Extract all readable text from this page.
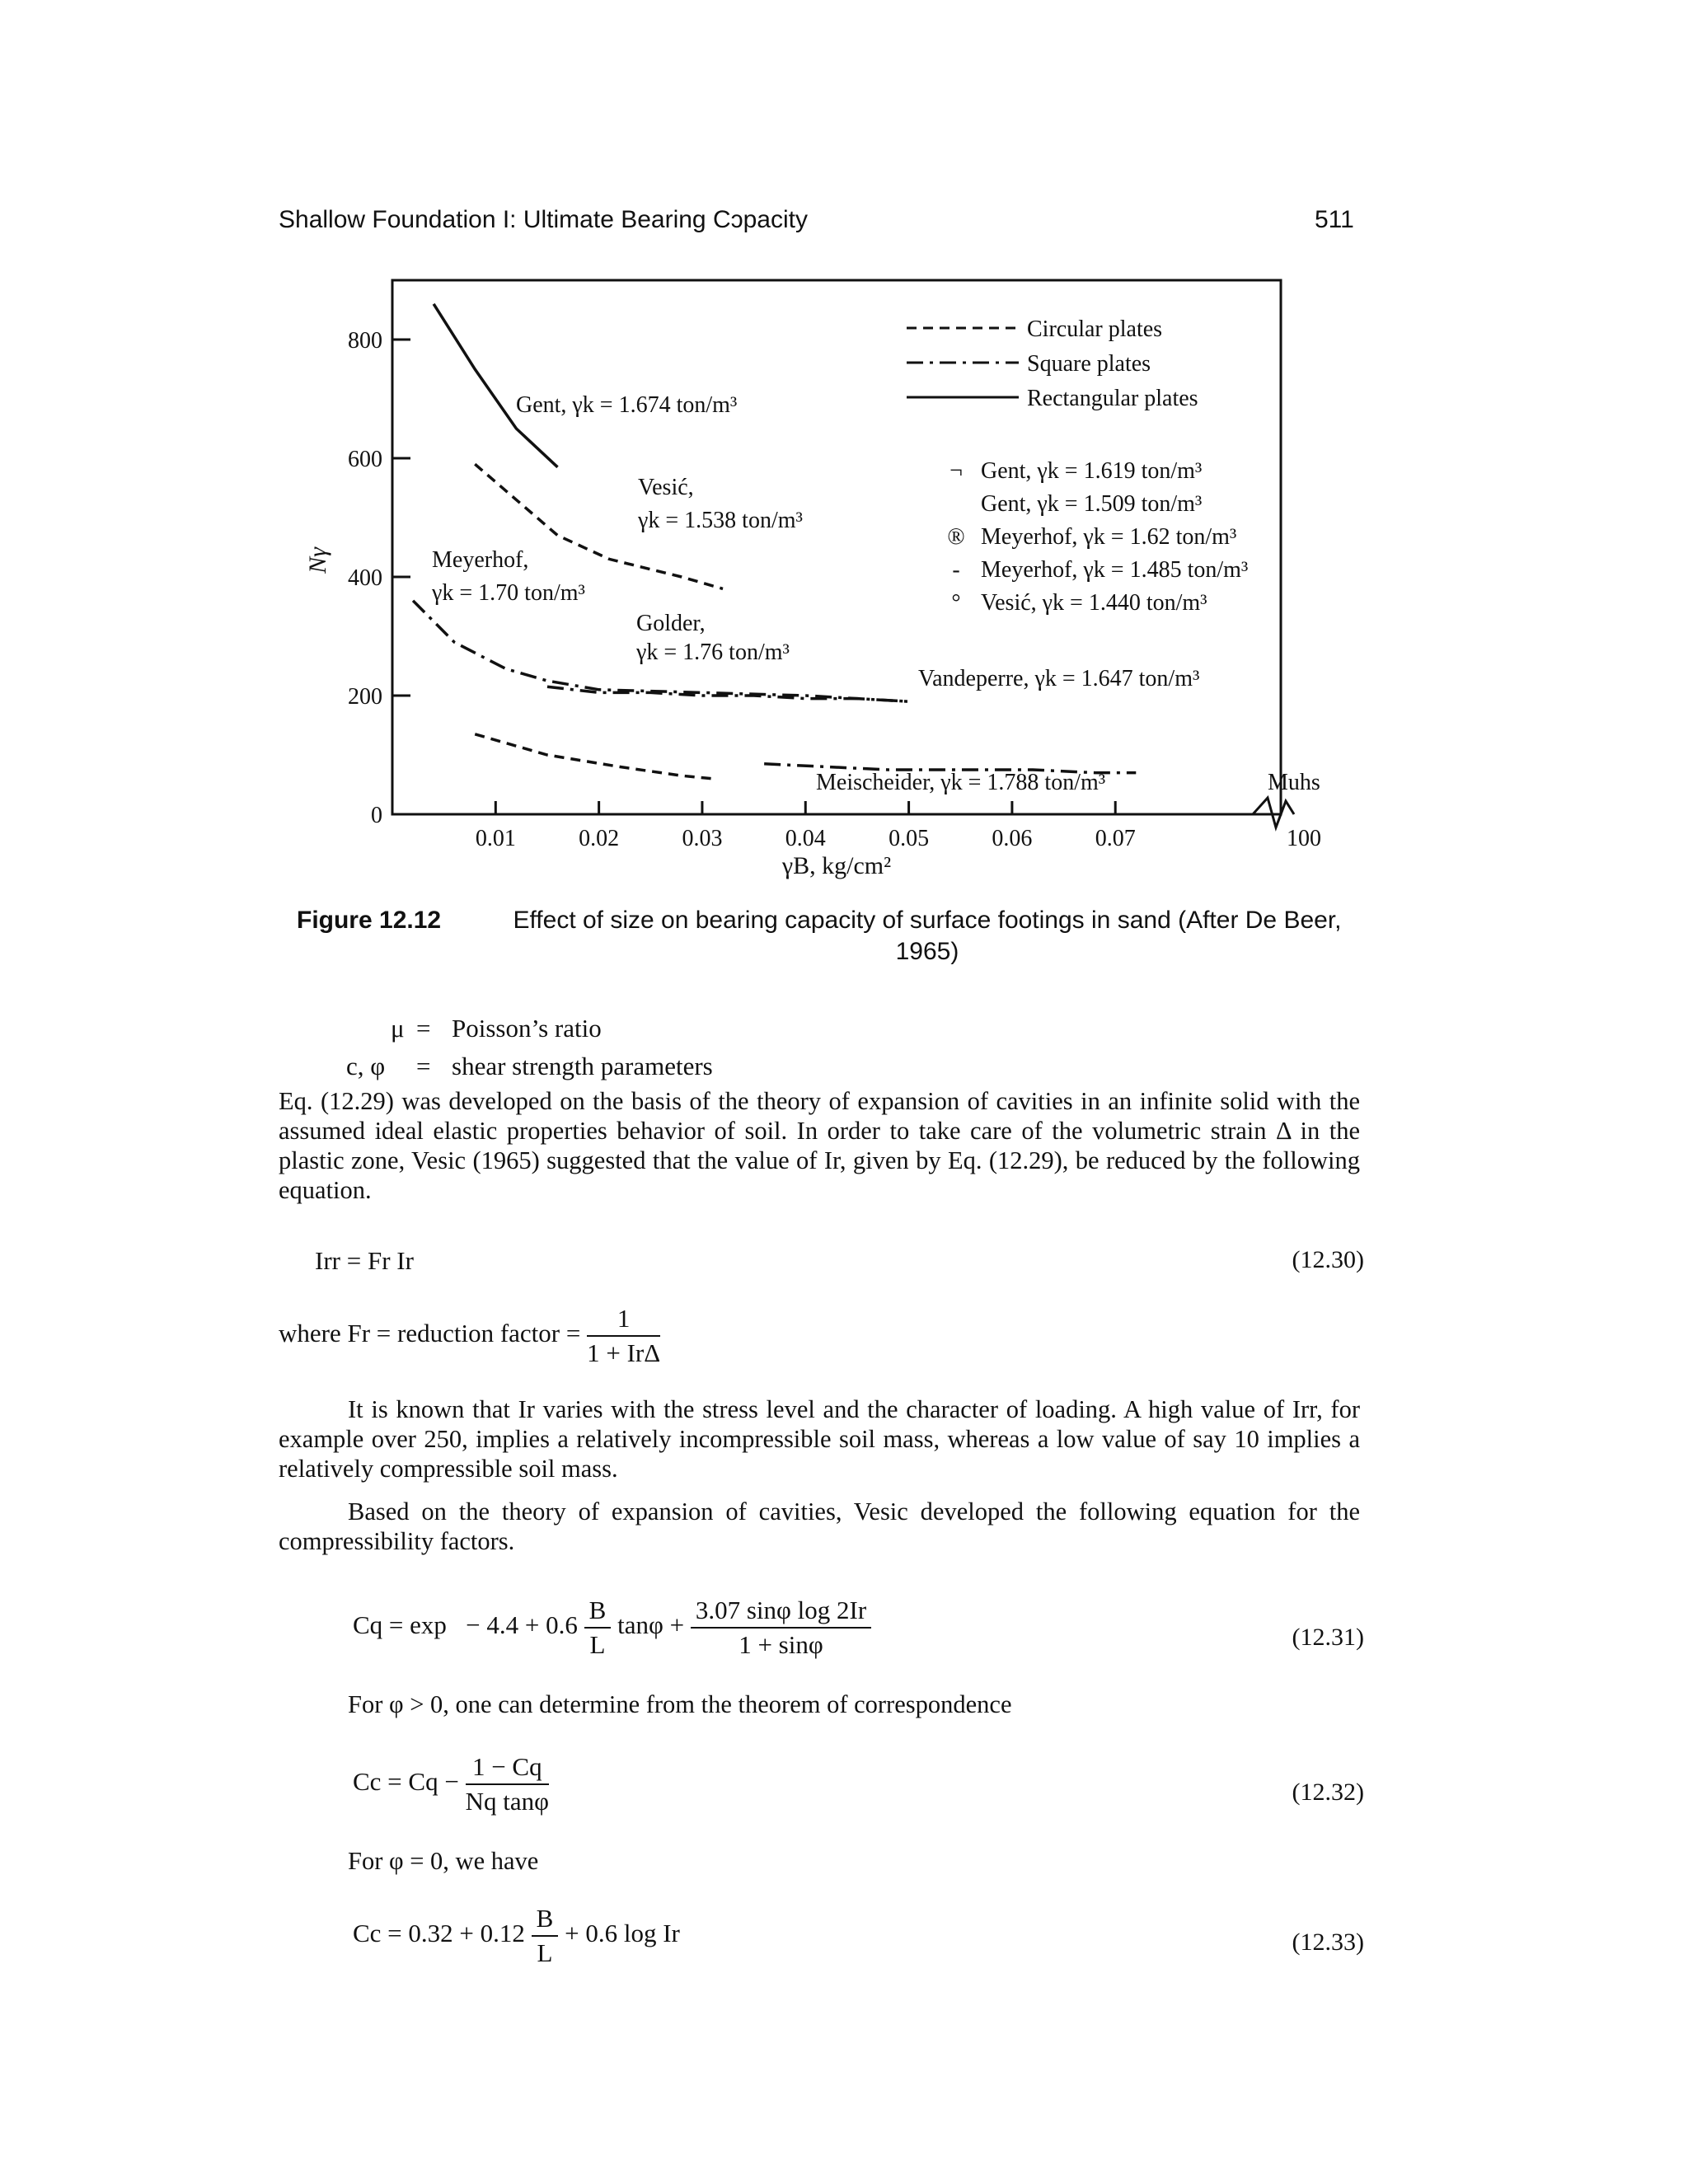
Shallow Foundation I: Ultimate Bearing Cɔpacity	511
0
200
400
600
800
0.01	0.02	0.03	0.04	0.05	0.06	0.07	100
γB, kg/cm²
Nγ
Circular plates
Square plates
Rectangular plates
¬ Gent, γk = 1.619 ton/m³
Gent, γk = 1.509 ton/m³
® Meyerhof, γk = 1.62 ton/m³
- Meyerhof, γk = 1.485 ton/m³
° Vesić, γk = 1.440 ton/m³
Gent, γk = 1.674 ton/m³
Vesić,
γk = 1.538 ton/m³
Meyerhof,
γk = 1.70 ton/m³
Golder,
γk = 1.76 ton/m³
Vandeperre, γk = 1.647 ton/m³
Meischeider, γk = 1.788 ton/m³	Muhs
Figure 12.12	Effect of size on bearing capacity of surface footings in sand (After De Beer, 1965)
μ = Poisson’s ratio
c, φ = shear strength parameters

Eq. (12.29) was developed on the basis of the theory of expansion of cavities in an infinite solid with the assumed ideal elastic properties behavior of soil. In order to take care of the volumetric strain Δ in the plastic zone, Vesic (1965) suggested that the value of Ir, given by Eq. (12.29), be reduced by the following equation.

Irr = Fr Ir	(12.30)
where Fr = reduction factor = $\frac{1}{\text{1 + IrΔ}}$

It is known that Ir varies with the stress level and the character of loading. A high value of Irr, for example over 250, implies a relatively incompressible soil mass, whereas a low value of say 10 implies a relatively compressible soil mass.

Based on the theory of expansion of cavities, Vesic developed the following equation for the compressibility factors.

$Cq = \exp - 4.4 + 0.6 \frac{B}{L}$ $\tan\varphi + \frac{\text{3.07 sinφ log 2Ir}}{1 + \sin\varphi}$	(12.31)

For φ > 0, one can determine from the theorem of correspondence

$Cc = Cq - \frac{1 - Cq}{\text{Nq tanφ}}$	(12.32)

For φ = 0, we have

$Cc = 0.32 + 0.12 \frac{B}{L} + 0.6$ log Ir	(12.33)
